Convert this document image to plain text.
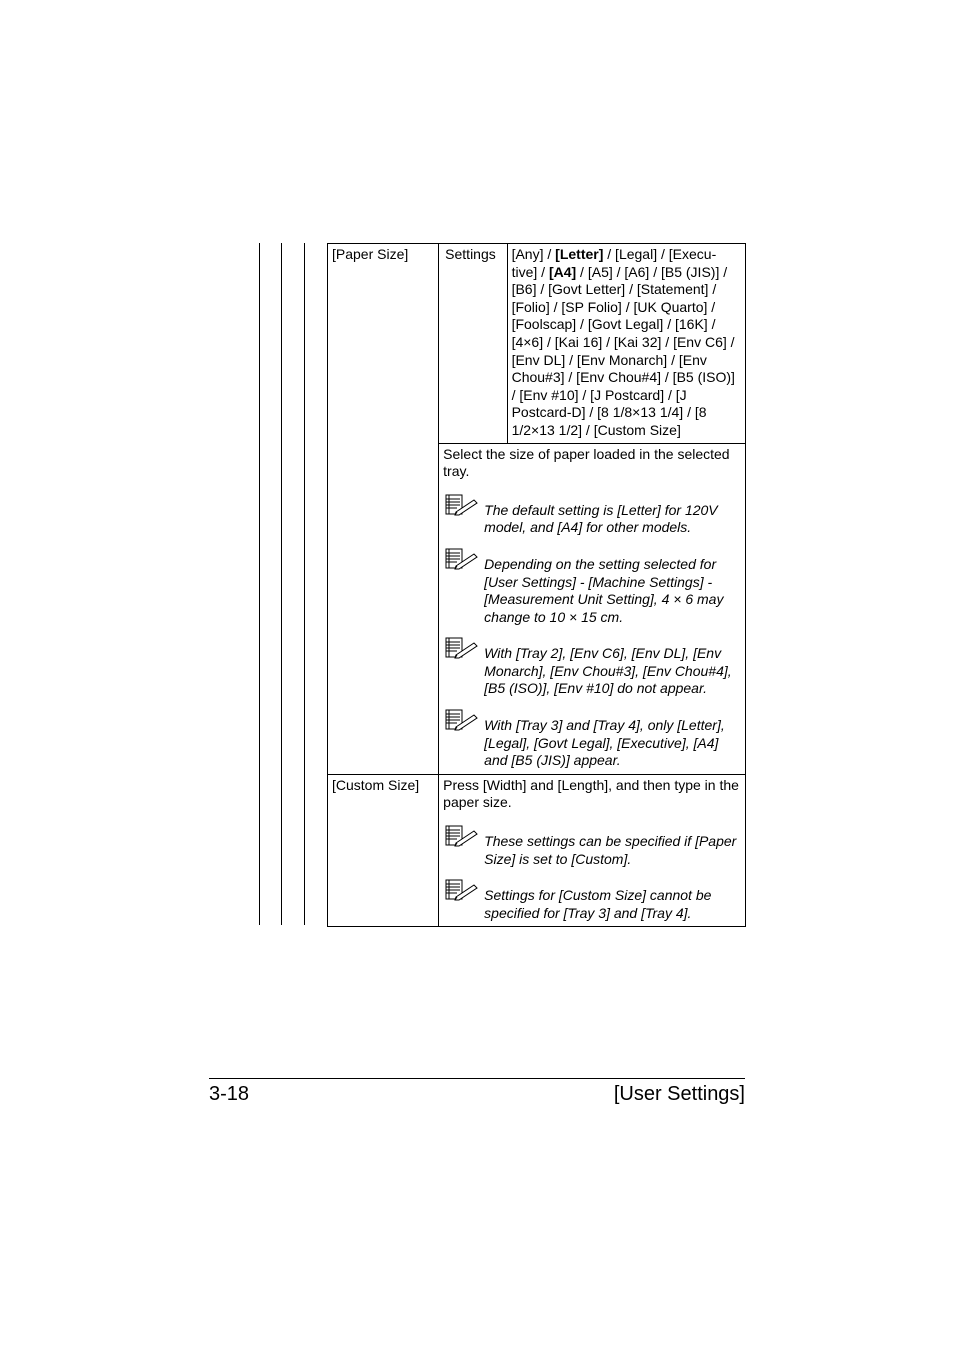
[Paper Size]	Settings	[Any] / [Letter] / [Legal] / [Execu-tive] / [A4] / [A5] / [A6] / [B5 (JIS)] / [B6] / [Govt Letter] / [Statement] / [Folio] / [SP Folio] / [UK Quarto] / [Foolscap] / [Govt Legal] / [16K] / [4×6] / [Kai 16] / [Kai 32] / [Env C6] / [Env DL] / [Env Monarch] / [Env Chou#3] / [Env Chou#4] / [B5 (ISO)] / [Env #10] / [J Postcard] / [J Postcard-D] / [8 1/8×13 1/4] / [8 1/2×13 1/2] / [Custom Size]

	Select the size of paper loaded in the selected tray.

The default setting is [Letter] for 120V model, and [A4] for other models.
Depending on the setting selected for [User Settings] - [Machine Settings] - [Measurement Unit Setting], 4 × 6 may change to 10 × 15 cm.
With [Tray 2], [Env C6], [Env DL], [Env Monarch], [Env Chou#3], [Env Chou#4], [B5 (ISO)], [Env #10] do not appear.
With [Tray 3] and [Tray 4], only [Letter], [Legal], [Govt Legal], [Executive], [A4] and [B5 (JIS)] appear.	

[Custom Size]	Press [Width] and [Length], and then type in the paper size.

These settings can be specified if [Paper Size] is set to [Custom].
Settings for [Custom Size] cannot be specified for [Tray 3] and [Tray 4].	
3-18	[User Settings]
